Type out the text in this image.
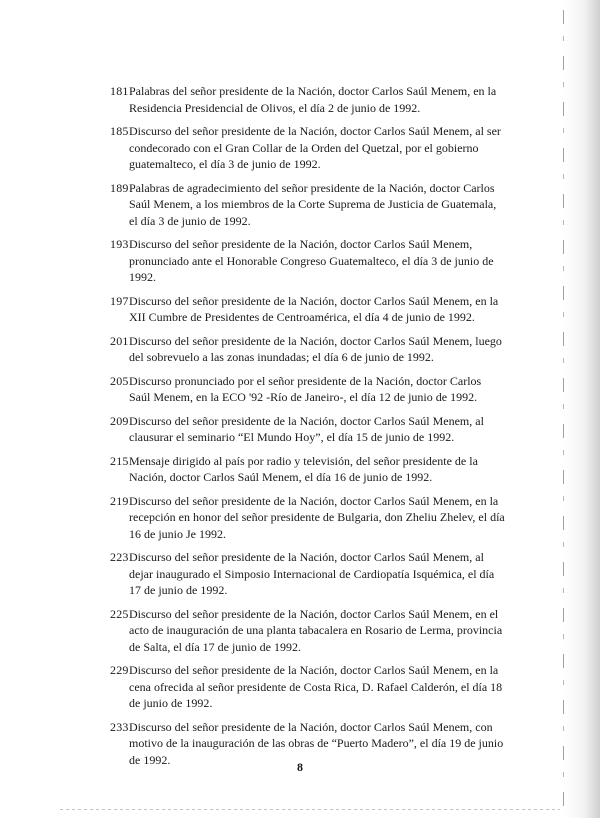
181 Palabras del señor presidente de la Nación, doctor Carlos Saúl Menem, en la Residencia Presidencial de Olivos, el día 2 de junio de 1992.
185 Discurso del señor presidente de la Nación, doctor Carlos Saúl Menem, al ser condecorado con el Gran Collar de la Orden del Quetzal, por el gobierno guatemalteco, el día 3 de junio de 1992.
189 Palabras de agradecimiento del señor presidente de la Nación, doctor Carlos Saúl Menem, a los miembros de la Corte Suprema de Justicia de Guatemala, el día 3 de junio de 1992.
193 Discurso del señor presidente de la Nación, doctor Carlos Saúl Menem, pronunciado ante el Honorable Congreso Guatemalteco, el día 3 de junio de 1992.
197 Discurso del señor presidente de la Nación, doctor Carlos Saúl Menem, en la XII Cumbre de Presidentes de Centroamérica, el día 4 de junio de 1992.
201 Discurso del señor presidente de la Nación, doctor Carlos Saúl Menem, luego del sobrevuelo a las zonas inundadas; el día 6 de junio de 1992.
205 Discurso pronunciado por el señor presidente de la Nación, doctor Carlos Saúl Menem, en la ECO '92 -Río de Janeiro-, el día 12 de junio de 1992.
209 Discurso del señor presidente de la Nación, doctor Carlos Saúl Menem, al clausurar el seminario “El Mundo Hoy”, el día 15 de junio de 1992.
215 Mensaje dirigido al país por radio y televisión, del señor presidente de la Nación, doctor Carlos Saúl Menem, el día 16 de junio de 1992.
219 Discurso del señor presidente de la Nación, doctor Carlos Saúl Menem, en la recepción en honor del señor presidente de Bulgaria, don Zheliu Zhelev, el día 16 de junio Je 1992.
223 Discurso del señor presidente de la Nación, doctor Carlos Saúl Menem, al dejar inaugurado el Simposio Internacional de Cardiopatía Isquémica, el día 17 de junio de 1992.
225 Discurso del señor presidente de la Nación, doctor Carlos Saúl Menem, en el acto de inauguración de una planta tabacalera en Rosario de Lerma, provincia de Salta, el día 17 de junio de 1992.
229 Discurso del señor presidente de la Nación, doctor Carlos Saúl Menem, en la cena ofrecida al señor presidente de Costa Rica, D. Rafael Calderón, el día 18 de junio de 1992.
233 Discurso del señor presidente de la Nación, doctor Carlos Saúl Menem, con motivo de la inauguración de las obras de “Puerto Madero”, el día 19 de junio de 1992.
8
